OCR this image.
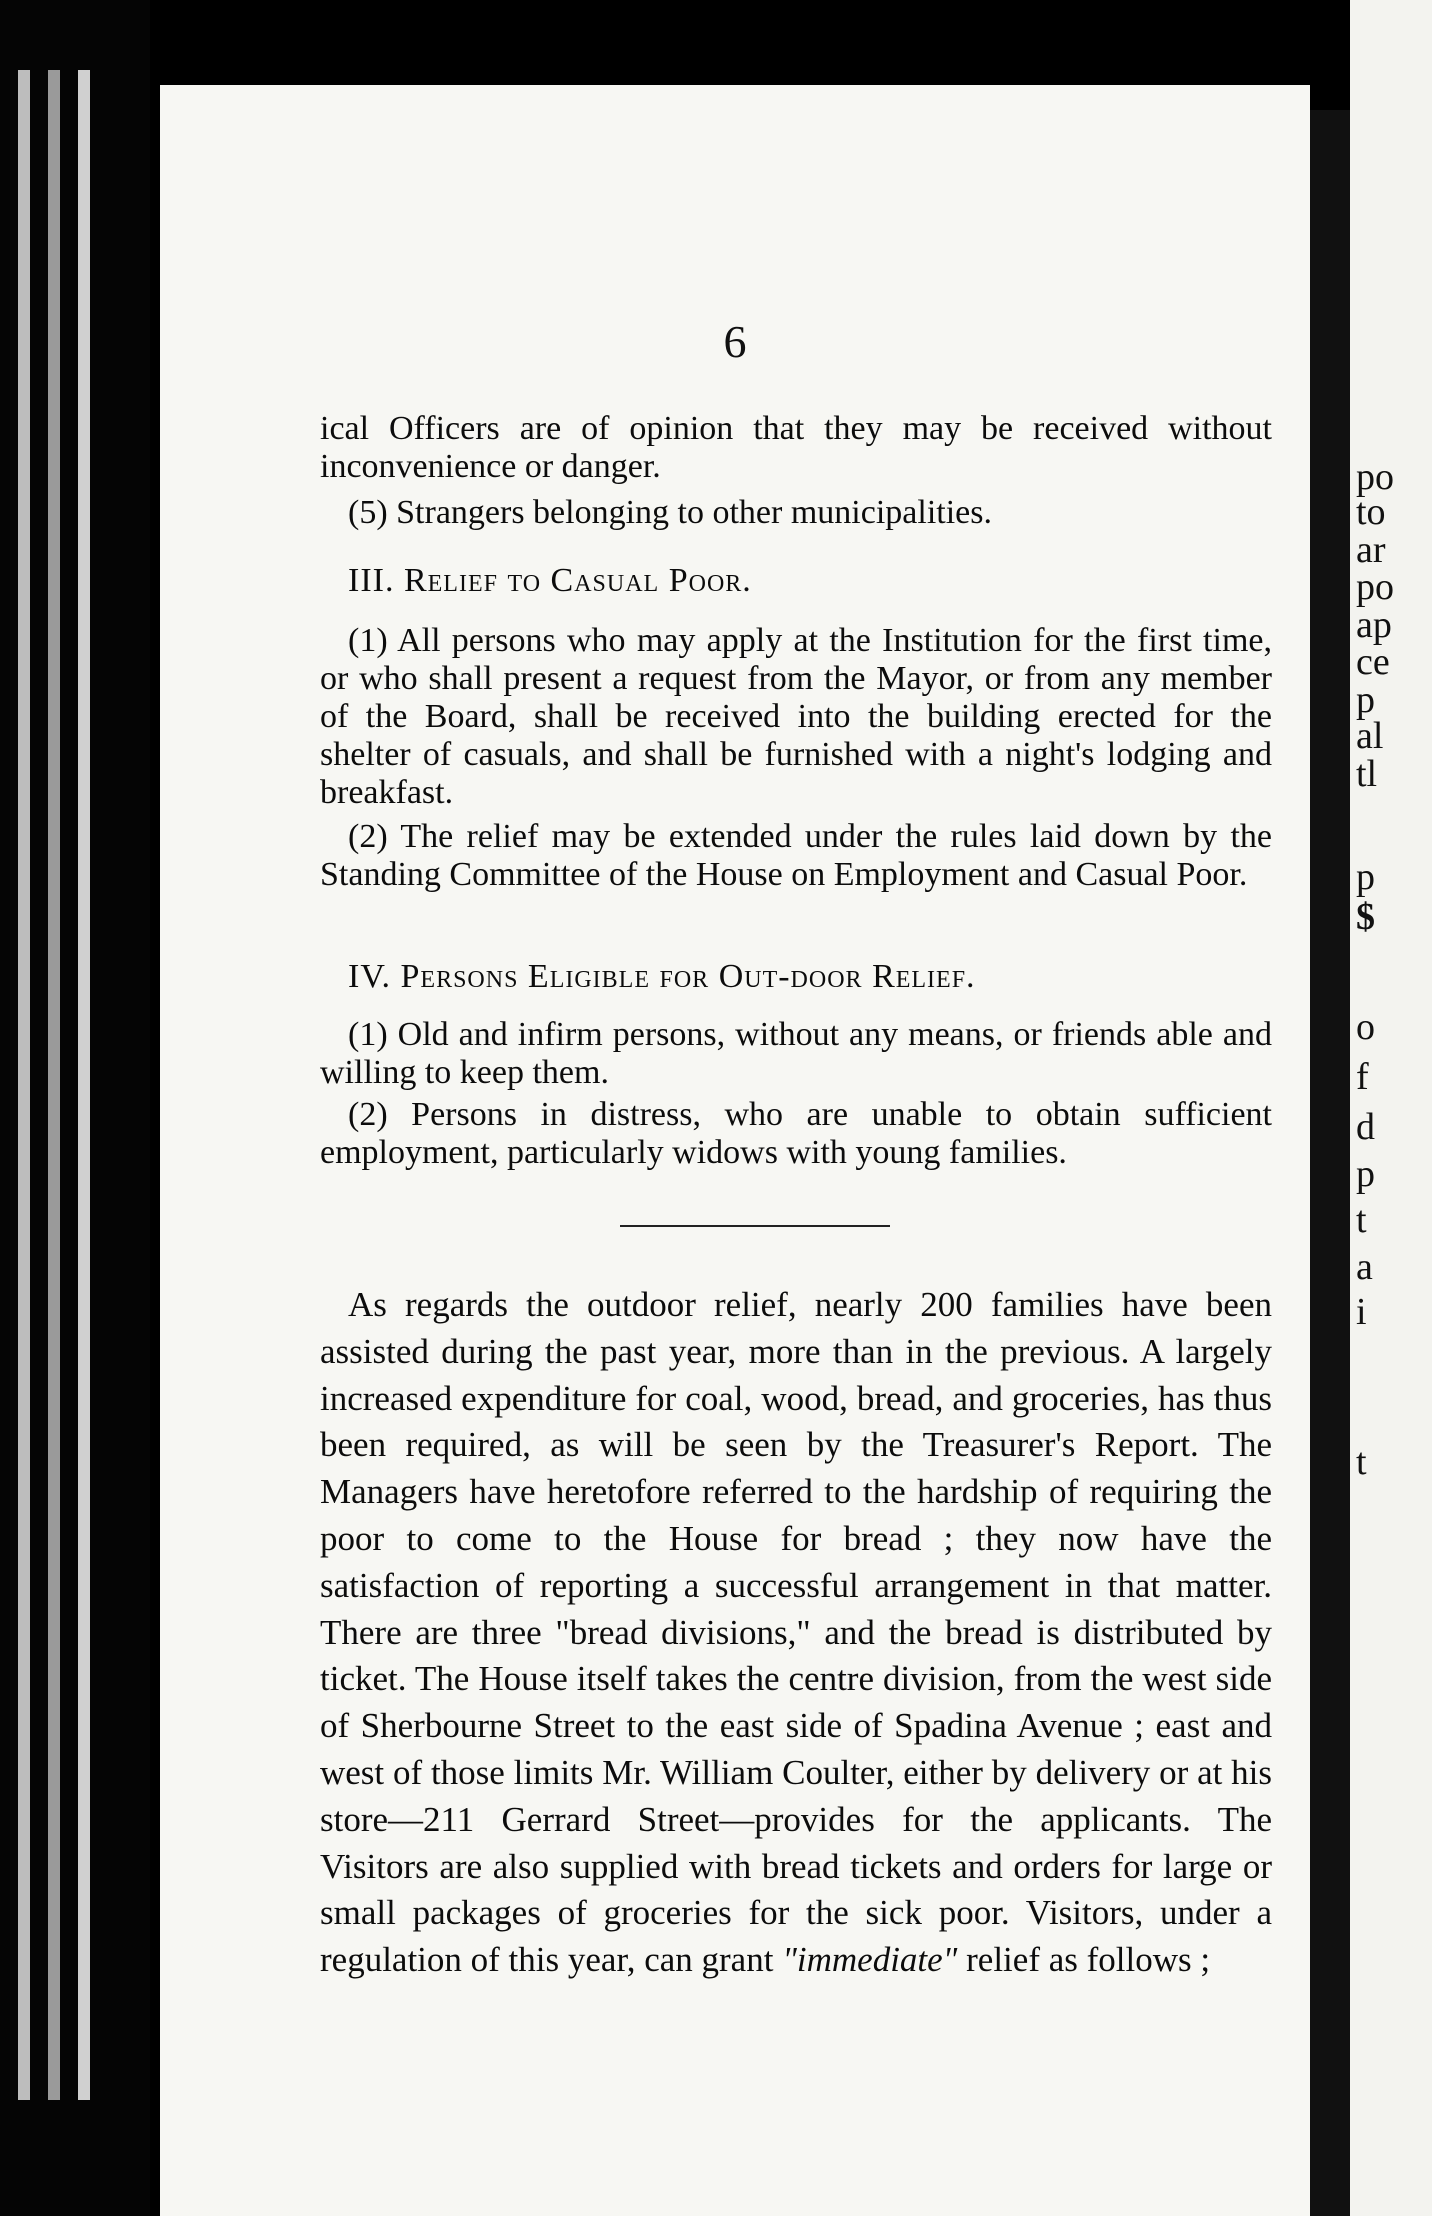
6
ical Officers are of opinion that they may be received without inconvenience or danger.
(5) Strangers belonging to other municipalities.
III. Relief to Casual Poor.
(1) All persons who may apply at the Institution for the first time, or who shall present a request from the Mayor, or from any member of the Board, shall be received into the building erected for the shelter of casuals, and shall be furnished with a night's lodging and breakfast.
(2) The relief may be extended under the rules laid down by the Standing Committee of the House on Employment and Casual Poor.
IV. Persons Eligible for Out-door Relief.
(1) Old and infirm persons, without any means, or friends able and willing to keep them.
(2) Persons in distress, who are unable to obtain sufficient employment, particularly widows with young families.
As regards the outdoor relief, nearly 200 families have been assisted during the past year, more than in the previous. A largely increased expenditure for coal, wood, bread, and groceries, has thus been required, as will be seen by the Treasurer's Report. The Managers have heretofore referred to the hardship of requiring the poor to come to the House for bread ; they now have the satisfaction of reporting a successful arrangement in that matter. There are three "bread divisions," and the bread is distributed by ticket. The House itself takes the centre division, from the west side of Sherbourne Street to the east side of Spadina Avenue ; east and west of those limits Mr. William Coulter, either by delivery or at his store—211 Gerrard Street—provides for the applicants. The Visitors are also supplied with bread tickets and orders for large or small packages of groceries for the sick poor. Visitors, under a regulation of this year, can grant "immediate" relief as follows ;
po
to
ar
po
ap
ce
p
al
tl
p
$
o
f
d
p
t
a
i
t
